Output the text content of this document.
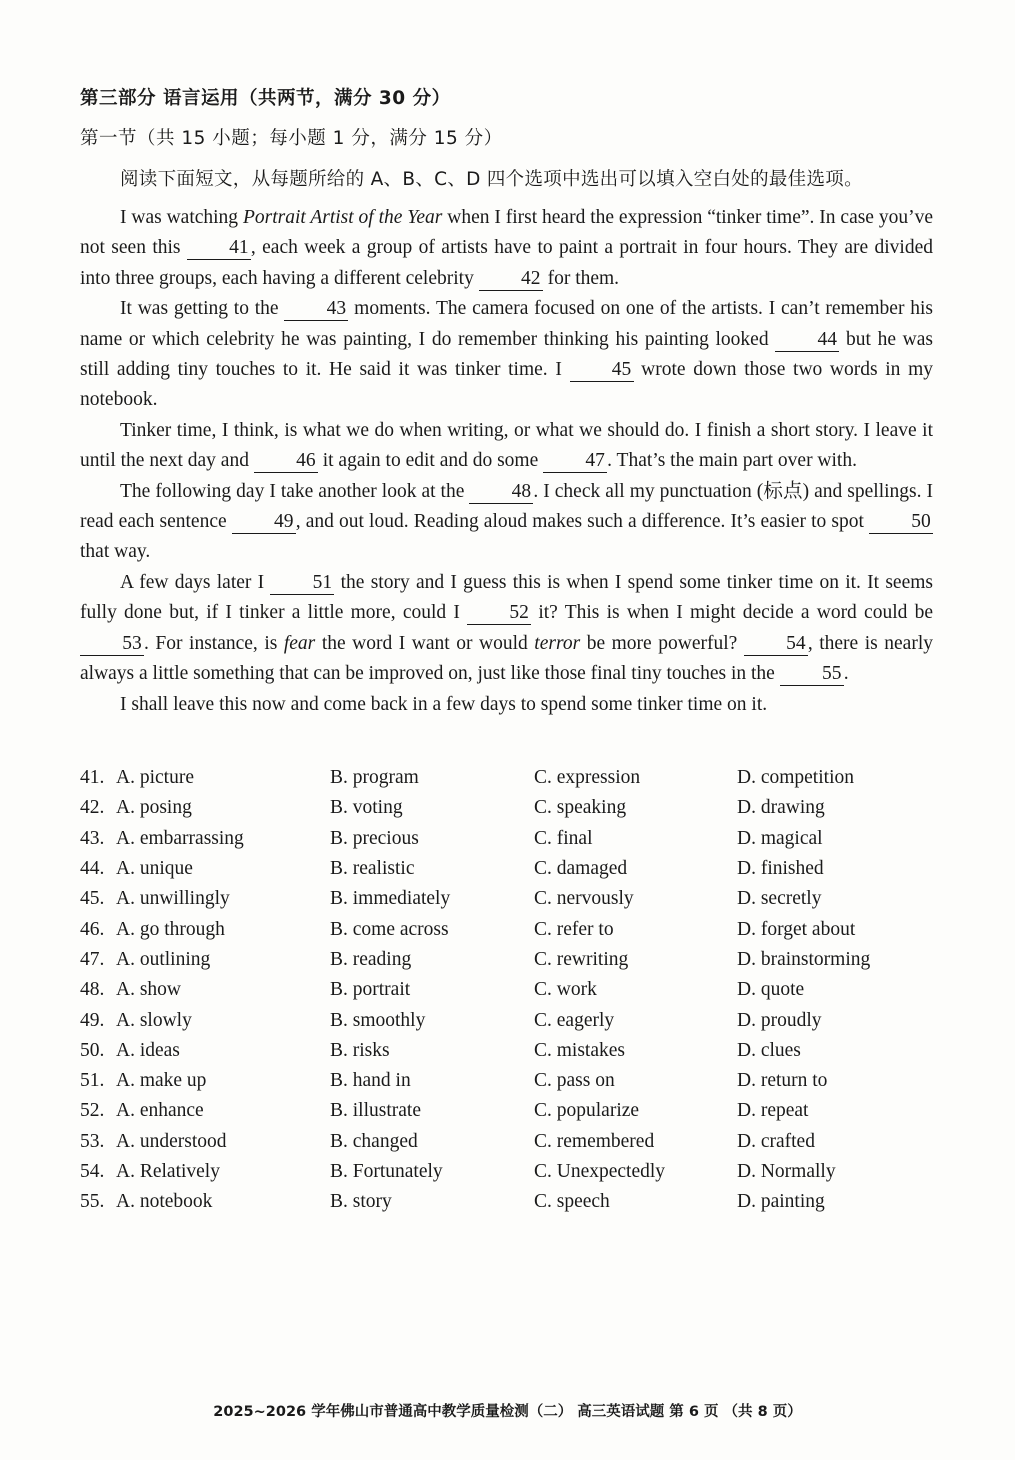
第三部分 语言运用（共两节，满分 30 分）
第一节（共 15 小题；每小题 1 分，满分 15 分）
阅读下面短文，从每题所给的 A、B、C、D 四个选项中选出可以填入空白处的最佳选项。

I was watching Portrait Artist of the Year when I first heard the expression “tinker time”. In case you’ve not seen this 41 , each week a group of artists have to paint a portrait in four hours. They are divided into three groups, each having a different celebrity 42 for them.

It was getting to the 43 moments. The camera focused on one of the artists. I can’t remember his name or which celebrity he was painting, I do remember thinking his painting looked 44 but he was still adding tiny touches to it. He said it was tinker time. I 45 wrote down those two words in my notebook.

Tinker time, I think, is what we do when writing, or what we should do. I finish a short story. I leave it until the next day and 46 it again to edit and do some 47 . That’s the main part over with.

The following day I take another look at the 48 . I check all my punctuation (标点) and spellings. I read each sentence 49 , and out loud. Reading aloud makes such a difference. It’s easier to spot 50 that way.

A few days later I 51 the story and I guess this is when I spend some tinker time on it. It seems fully done but, if I tinker a little more, could I 52 it? This is when I might decide a word could be 53 . For instance, is fear the word I want or would terror be more powerful? 54 , there is nearly always a little something that can be improved on, just like those final tiny touches in the 55 .

I shall leave this now and come back in a few days to spend some tinker time on it.

41. A. picture	B. program	C. expression	D. competition
42. A. posing	B. voting	C. speaking	D. drawing
43. A. embarrassing	B. precious	C. final	D. magical
44. A. unique	B. realistic	C. damaged	D. finished
45. A. unwillingly	B. immediately	C. nervously	D. secretly
46. A. go through	B. come across	C. refer to	D. forget about
47. A. outlining	B. reading	C. rewriting	D. brainstorming
48. A. show	B. portrait	C. work	D. quote
49. A. slowly	B. smoothly	C. eagerly	D. proudly
50. A. ideas	B. risks	C. mistakes	D. clues
51. A. make up	B. hand in	C. pass on	D. return to
52. A. enhance	B. illustrate	C. popularize	D. repeat
53. A. understood	B. changed	C. remembered	D. crafted
54. A. Relatively	B. Fortunately	C. Unexpectedly	D. Normally
55. A. notebook	B. story	C. speech	D. painting
2025~2026 学年佛山市普通高中教学质量检测（二） 高三英语试题 第 6 页 （共 8 页）
